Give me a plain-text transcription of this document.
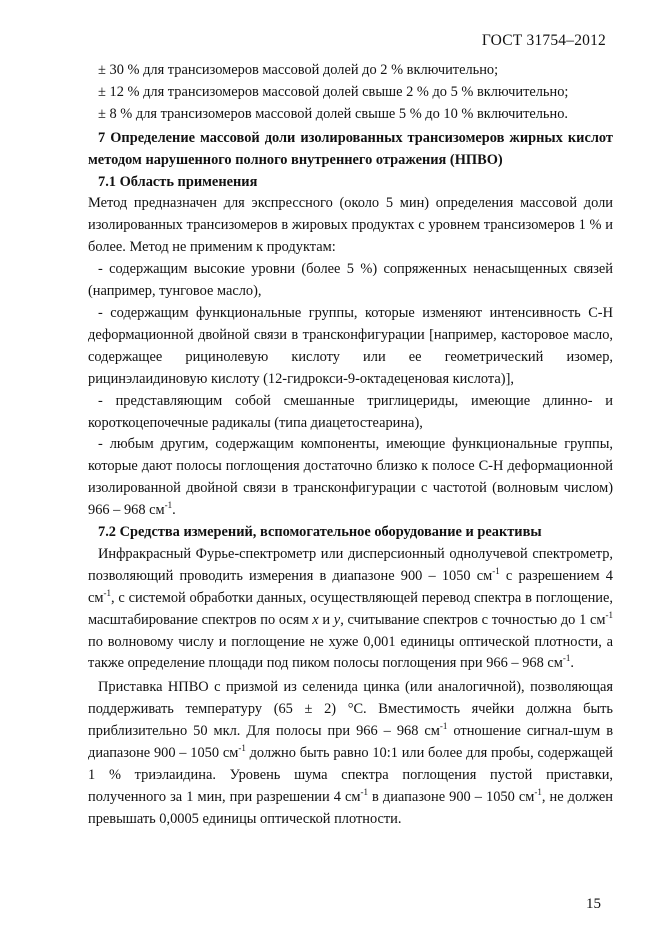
ГОСТ 31754–2012

± 30 % для трансизомеров массовой долей до 2 % включительно;

± 12 % для трансизомеров массовой долей свыше 2 % до 5 % включительно;

± 8 % для трансизомеров массовой долей свыше 5 % до 10 % включительно.

7 Определение массовой доли изолированных трансизомеров жирных кислот методом нарушенного полного внутреннего отражения (НПВО)

7.1 Область применения

Метод предназначен для экспрессного (около 5 мин) определения массовой доли изолированных трансизомеров в жировых продуктах с уровнем трансизомеров 1 % и более. Метод не применим к продуктам:

- содержащим высокие уровни (более 5 %) сопряженных ненасыщенных связей (например, тунговое масло),

- содержащим функциональные группы, которые изменяют интенсивность C-H деформационной двойной связи в трансконфигурации [например, касторовое масло, содержащее рицинолевую кислоту или ее геометрический изомер, рицинэлаидиновую кислоту (12-гидрокси-9-октадеценовая кислота)],

- представляющим собой смешанные триглицериды, имеющие длинно- и короткоцепочечные радикалы (типа диацетостеарина),

- любым другим, содержащим компоненты, имеющие функциональные группы, которые дают полосы поглощения достаточно близко к полосе C-H деформационной изолированной двойной связи в трансконфигурации с частотой (волновым числом) 966 – 968 $см^{-1}$.

7.2 Средства измерений, вспомогательное оборудование и реактивы

Инфракрасный Фурье-спектрометр или дисперсионный однолучевой спектрометр, позволяющий проводить измерения в диапазоне 900 – 1050 $см^{-1}$ с разрешением 4 $см^{-1}$, с системой обработки данных, осуществляющей перевод спектра в поглощение, масштабирование спектров по осям x и y, считывание спектров с точностью до 1 $см^{-1}$ по волновому числу и поглощение не хуже 0,001 единицы оптической плотности, а также определение площади под пиком полосы поглощения при 966 – 968 $см^{-1}$.

Приставка НПВО с призмой из селенида цинка (или аналогичной), позволяющая поддерживать температуру (65 ± 2) °С. Вместимость ячейки должна быть приблизительно 50 мкл. Для полосы при 966 – 968 $см^{-1}$ отношение сигнал-шум в диапазоне 900 – 1050 $см^{-1}$ должно быть равно 10:1 или более для пробы, содержащей 1 % триэлаидина. Уровень шума спектра поглощения пустой приставки, полученного за 1 мин, при разрешении 4 $см^{-1}$ в диапазоне 900 – 1050 $см^{-1}$, не должен превышать 0,0005 единицы оптической плотности.

15
